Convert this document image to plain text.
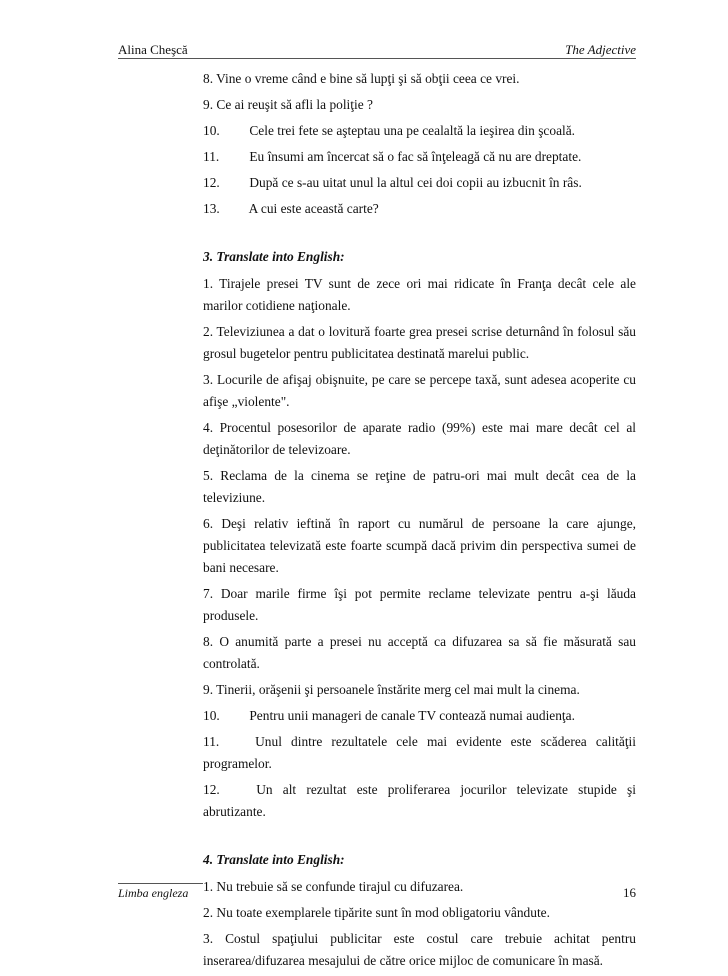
Alina Cheşcă	The Adjective

8. Vine o vreme când e bine să lupţi şi să obţii ceea ce vrei.

9. Ce ai reuşit să afli la poliţie ?

10. Cele trei fete se aşteptau una pe cealaltă la ieşirea din şcoală.

11. Eu însumi am încercat să o fac să înţeleagă că nu are dreptate.

12. După ce s-au uitat unul la altul cei doi copii au izbucnit în râs.

13. A cui este această carte?

3. Translate into English:

1. Tirajele presei TV sunt de zece ori mai ridicate în Franţa decât cele ale marilor cotidiene naţionale.

2. Televiziunea a dat o lovitură foarte grea presei scrise deturnând în folosul său grosul bugetelor pentru publicitatea destinată marelui public.

3. Locurile de afişaj obişnuite, pe care se percepe taxă, sunt adesea acoperite cu afişe „violente".

4. Procentul posesorilor de aparate radio (99%) este mai mare decât cel al deţinătorilor de televizoare.

5. Reclama de la cinema se reţine de patru-ori mai mult decât cea de la televiziune.

6. Deşi relativ ieftină în raport cu numărul de persoane la care ajunge, publicitatea televizată este foarte scumpă dacă privim din perspectiva sumei de bani necesare.

7. Doar marile firme îşi pot permite reclame televizate pentru a-şi lăuda produsele.

8. O anumită parte a presei nu acceptă ca difuzarea sa să fie măsurată sau controlată.

9. Tinerii, orăşenii şi persoanele înstărite merg cel mai mult la cinema.

10. Pentru unii manageri de canale TV contează numai audienţa.

11.	Unul dintre rezultatele cele mai evidente este scăderea calităţii programelor.

12.	Un alt rezultat este proliferarea jocurilor televizate stupide şi abrutizante.

4. Translate into English:

1. Nu trebuie să se confunde tirajul cu difuzarea.

2. Nu toate exemplarele tipărite sunt în mod obligatoriu vândute.

3. Costul spaţiului publicitar este costul care trebuie achitat pentru inserarea/difuzarea mesajului de către orice mijloc de comunicare în masă.

Limba engleza	16
